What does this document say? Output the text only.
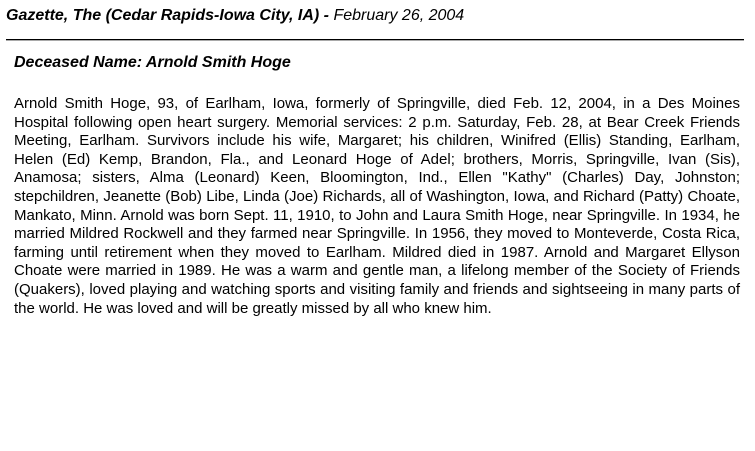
Gazette, The (Cedar Rapids-Iowa City, IA) - February 26, 2004
Deceased Name: Arnold Smith Hoge

Arnold Smith Hoge, 93, of Earlham, Iowa, formerly of Springville, died Feb. 12, 2004, in a Des Moines Hospital following open heart surgery. Memorial services: 2 p.m. Saturday, Feb. 28, at Bear Creek Friends Meeting, Earlham. Survivors include his wife, Margaret; his children, Winifred (Ellis) Standing, Earlham, Helen (Ed) Kemp, Brandon, Fla., and Leonard Hoge of Adel; brothers, Morris, Springville, Ivan (Sis), Anamosa; sisters, Alma (Leonard) Keen, Bloomington, Ind., Ellen "Kathy" (Charles) Day, Johnston; stepchildren, Jeanette (Bob) Libe, Linda (Joe) Richards, all of Washington, Iowa, and Richard (Patty) Choate, Mankato, Minn. Arnold was born Sept. 11, 1910, to John and Laura Smith Hoge, near Springville. In 1934, he married Mildred Rockwell and they farmed near Springville. In 1956, they moved to Monteverde, Costa Rica, farming until retirement when they moved to Earlham. Mildred died in 1987. Arnold and Margaret Ellyson Choate were married in 1989. He was a warm and gentle man, a lifelong member of the Society of Friends (Quakers), loved playing and watching sports and visiting family and friends and sightseeing in many parts of the world. He was loved and will be greatly missed by all who knew him.
